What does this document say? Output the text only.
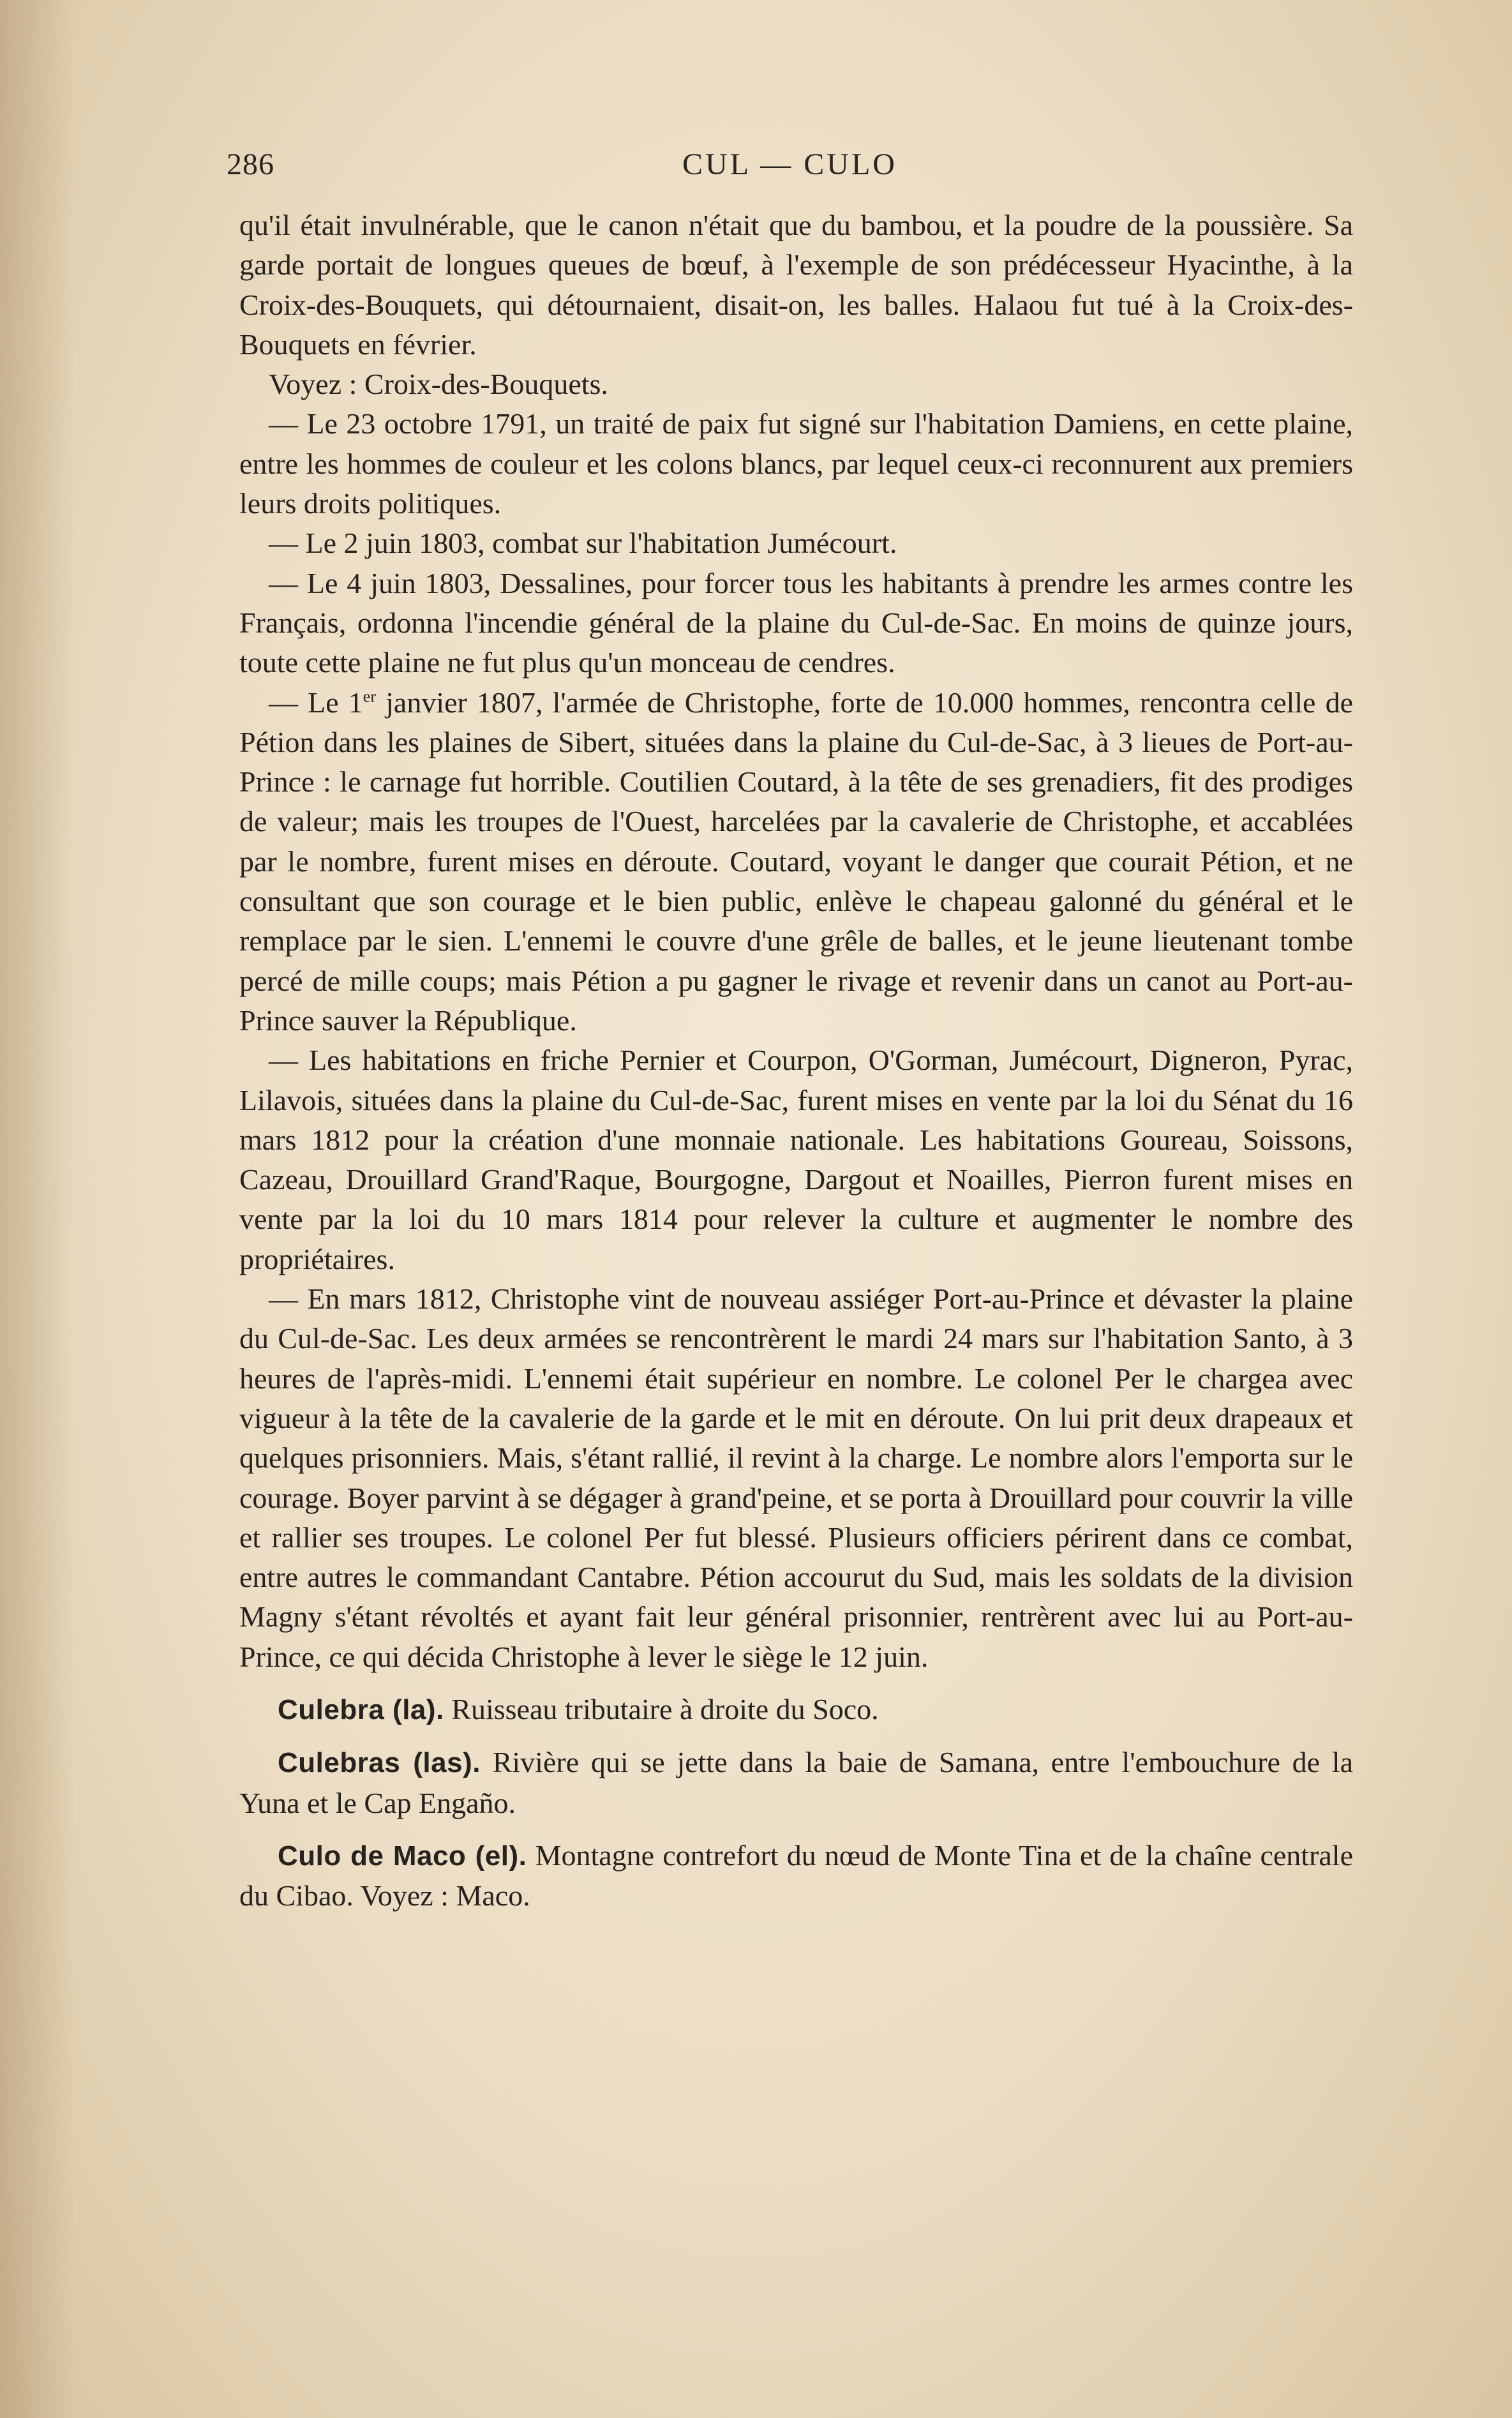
286	CUL — CULO

qu'il était invulnérable, que le canon n'était que du bambou, et la poudre de la poussière. Sa garde portait de longues queues de bœuf, à l'exemple de son prédécesseur Hyacinthe, à la Croix-des-Bouquets, qui détournaient, disait-on, les balles. Halaou fut tué à la Croix-des-Bouquets en février.

Voyez : Croix-des-Bouquets.

— Le 23 octobre 1791, un traité de paix fut signé sur l'habitation Damiens, en cette plaine, entre les hommes de couleur et les colons blancs, par lequel ceux-ci reconnurent aux premiers leurs droits politiques.

— Le 2 juin 1803, combat sur l'habitation Jumécourt.

— Le 4 juin 1803, Dessalines, pour forcer tous les habitants à prendre les armes contre les Français, ordonna l'incendie général de la plaine du Cul-de-Sac. En moins de quinze jours, toute cette plaine ne fut plus qu'un monceau de cendres.

— Le 1er janvier 1807, l'armée de Christophe, forte de 10.000 hommes, rencontra celle de Pétion dans les plaines de Sibert, situées dans la plaine du Cul-de-Sac, à 3 lieues de Port-au-Prince : le carnage fut horrible. Coutilien Coutard, à la tête de ses grenadiers, fit des prodiges de valeur; mais les troupes de l'Ouest, harcelées par la cavalerie de Christophe, et accablées par le nombre, furent mises en déroute. Coutard, voyant le danger que courait Pétion, et ne consultant que son courage et le bien public, enlève le chapeau galonné du général et le remplace par le sien. L'ennemi le couvre d'une grêle de balles, et le jeune lieutenant tombe percé de mille coups; mais Pétion a pu gagner le rivage et revenir dans un canot au Port-au-Prince sauver la République.

— Les habitations en friche Pernier et Courpon, O'Gorman, Jumécourt, Digneron, Pyrac, Lilavois, situées dans la plaine du Cul-de-Sac, furent mises en vente par la loi du Sénat du 16 mars 1812 pour la création d'une monnaie nationale. Les habitations Goureau, Soissons, Cazeau, Drouillard Grand'Raque, Bourgogne, Dargout et Noailles, Pierron furent mises en vente par la loi du 10 mars 1814 pour relever la culture et augmenter le nombre des propriétaires.

— En mars 1812, Christophe vint de nouveau assiéger Port-au-Prince et dévaster la plaine du Cul-de-Sac. Les deux armées se rencontrèrent le mardi 24 mars sur l'habitation Santo, à 3 heures de l'après-midi. L'ennemi était supérieur en nombre. Le colonel Per le chargea avec vigueur à la tête de la cavalerie de la garde et le mit en déroute. On lui prit deux drapeaux et quelques prisonniers. Mais, s'étant rallié, il revint à la charge. Le nombre alors l'emporta sur le courage. Boyer parvint à se dégager à grand'peine, et se porta à Drouillard pour couvrir la ville et rallier ses troupes. Le colonel Per fut blessé. Plusieurs officiers périrent dans ce combat, entre autres le commandant Cantabre. Pétion accourut du Sud, mais les soldats de la division Magny s'étant révoltés et ayant fait leur général prisonnier, rentrèrent avec lui au Port-au-Prince, ce qui décida Christophe à lever le siège le 12 juin.

Culebra (la). Ruisseau tributaire à droite du Soco.

Culebras (las). Rivière qui se jette dans la baie de Samana, entre l'embouchure de la Yuna et le Cap Engaño.

Culo de Maco (el). Montagne contrefort du nœud de Monte Tina et de la chaîne centrale du Cibao. Voyez : Maco.
